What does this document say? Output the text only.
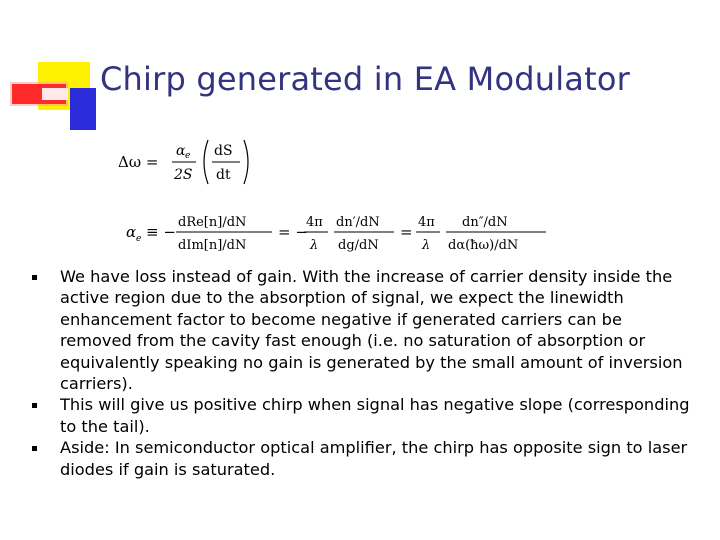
Chirp generated in EA Modulator
Δω =
α e
2S
dS
dt
α e ≡ −
dRe[n]/dN
dIm[n]/dN
= −
4π
λ
dn′/dN
dg/dN
=
4π
λ
dn″/dN
dα(ħω)/dN
We have loss instead of gain. With the increase of carrier density inside the active region due to the absorption of signal, we expect the linewidth enhancement factor to become negative if generated carriers can be removed from the cavity fast enough (i.e. no saturation of absorption or equivalently speaking no gain is generated by the small amount of inversion carriers).
This will give us positive chirp when signal has negative slope (corresponding to the tail).
Aside: In semiconductor optical amplifier, the chirp has opposite sign to laser diodes if gain is saturated.
